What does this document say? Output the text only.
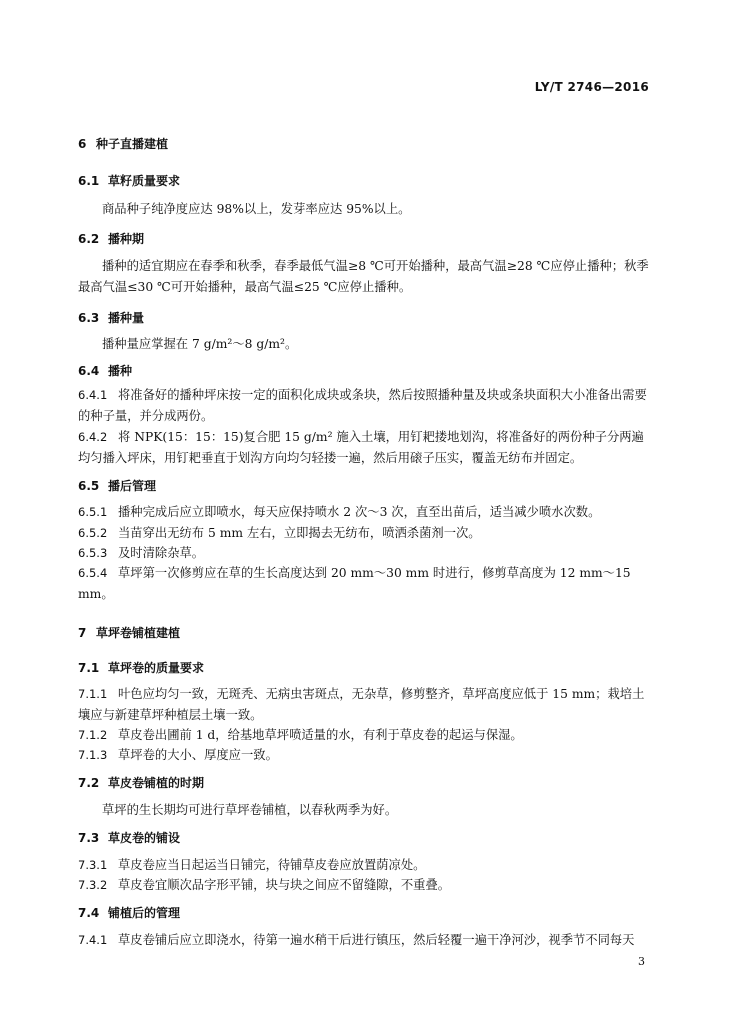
LY/T 2746—2016
6 种子直播建植
6.1 草籽质量要求
商品种子纯净度应达 98%以上，发芽率应达 95%以上。
6.2 播种期
播种的适宜期应在春季和秋季，春季最低气温≥8 ℃可开始播种，最高气温≥28 ℃应停止播种；秋季最高气温≤30 ℃可开始播种，最高气温≤25 ℃应停止播种。
6.3 播种量
播种量应掌握在 7 g/m²～8 g/m²。
6.4 播种
6.4.1 将准备好的播种坪床按一定的面积化成块或条块，然后按照播种量及块或条块面积大小准备出需要的种子量，并分成两份。
6.4.2 将 NPK(15：15：15)复合肥 15 g/m² 施入土壤，用钉耙搂地划沟，将准备好的两份种子分两遍均匀播入坪床，用钉耙垂直于划沟方向均匀轻搂一遍，然后用磙子压实，覆盖无纺布并固定。
6.5 播后管理
6.5.1 播种完成后应立即喷水，每天应保持喷水 2 次～3 次，直至出苗后，适当减少喷水次数。
6.5.2 当苗穿出无纺布 5 mm 左右，立即揭去无纺布，喷洒杀菌剂一次。
6.5.3 及时清除杂草。
6.5.4 草坪第一次修剪应在草的生长高度达到 20 mm～30 mm 时进行，修剪草高度为 12 mm～15 mm。
7 草坪卷铺植建植
7.1 草坪卷的质量要求
7.1.1 叶色应均匀一致，无斑秃、无病虫害斑点，无杂草，修剪整齐，草坪高度应低于 15 mm；栽培土壤应与新建草坪种植层土壤一致。
7.1.2 草皮卷出圃前 1 d，给基地草坪喷适量的水，有利于草皮卷的起运与保湿。
7.1.3 草坪卷的大小、厚度应一致。
7.2 草皮卷铺植的时期
草坪的生长期均可进行草坪卷铺植，以春秋两季为好。
7.3 草皮卷的铺设
7.3.1 草皮卷应当日起运当日铺完，待铺草皮卷应放置荫凉处。
7.3.2 草皮卷宜顺次品字形平铺，块与块之间应不留缝隙，不重叠。
7.4 铺植后的管理
7.4.1 草皮卷铺后应立即浇水，待第一遍水稍干后进行镇压，然后轻覆一遍干净河沙，视季节不同每天
3
